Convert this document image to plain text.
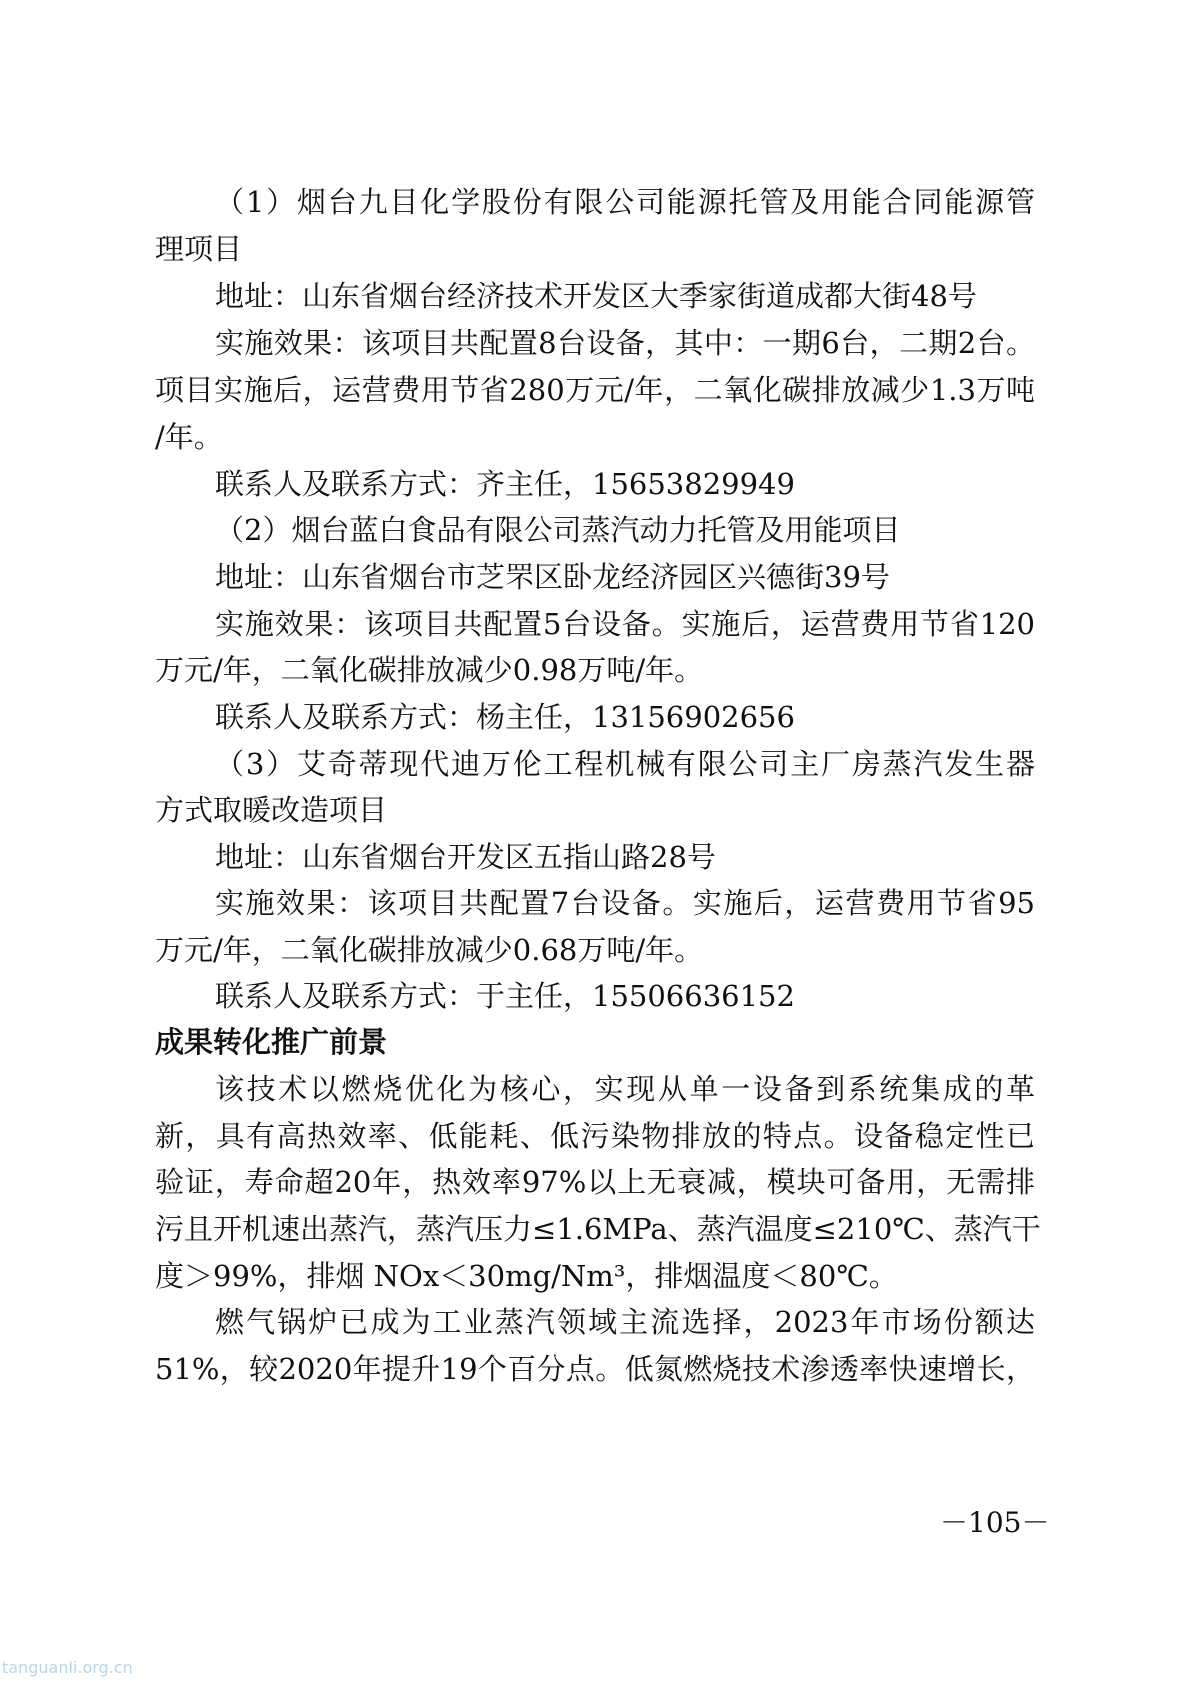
（1）烟台九目化学股份有限公司能源托管及用能合同能源管

理项目

地址：山东省烟台经济技术开发区大季家街道成都大街48号

实施效果：该项目共配置8台设备，其中：一期6台，二期2台。

项目实施后，运营费用节省280万元/年，二氧化碳排放减少1.3万吨

/年。

联系人及联系方式：齐主任，15653829949

（2）烟台蓝白食品有限公司蒸汽动力托管及用能项目

地址：山东省烟台市芝罘区卧龙经济园区兴德街39号

实施效果：该项目共配置5台设备。实施后，运营费用节省120

万元/年，二氧化碳排放减少0.98万吨/年。

联系人及联系方式：杨主任，13156902656

（3）艾奇蒂现代迪万伦工程机械有限公司主厂房蒸汽发生器

方式取暖改造项目

地址：山东省烟台开发区五指山路28号

实施效果：该项目共配置7台设备。实施后，运营费用节省95

万元/年，二氧化碳排放减少0.68万吨/年。

联系人及联系方式：于主任，15506636152

成果转化推广前景

该技术以燃烧优化为核心，实现从单一设备到系统集成的革

新，具有高热效率、低能耗、低污染物排放的特点。设备稳定性已

验证，寿命超20年，热效率97%以上无衰减，模块可备用，无需排

污且开机速出蒸汽，蒸汽压力≤1.6MPa、蒸汽温度≤210℃、蒸汽干

度＞99%，排烟 NOx＜30mg/Nm³，排烟温度＜80℃。

燃气锅炉已成为工业蒸汽领域主流选择，2023年市场份额达

51%，较2020年提升19个百分点。低氮燃烧技术渗透率快速增长，

－105－

tanguanli.org.cn
